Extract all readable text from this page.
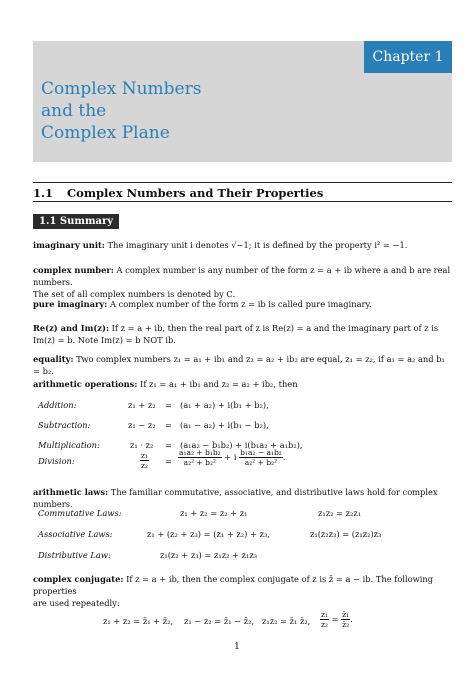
Chapter 1
Complex Numbers
and the
Complex Plane
1.1 Complex Numbers and Their Properties
1.1 Summary
imaginary unit: The imaginary unit i denotes √−1; it is defined by the property i² = −1.
complex number: A complex number is any number of the form z = a + ib where a and b are real numbers.
The set of all complex numbers is denoted by C.
pure imaginary: A complex number of the form z = ib is called pure imaginary.
Re(z) and Im(z): If z = a + ib, then the real part of z is Re(z) = a and the imaginary part of z is
Im(z) = b. Note Im(z) = b NOT ib.
equality: Two complex numbers z₁ = a₁ + ib₁ and z₂ = a₂ + ib₂ are equal, z₁ = z₂, if a₁ = a₂ and b₁ = b₂.
arithmetic operations: If z₁ = a₁ + ib₁ and z₂ = a₂ + ib₂, then
Addition:	z₁ + z₂ = (a₁ + a₂) + i(b₁ + b₂),
Subtraction:	z₁ − z₂ = (a₁ − a₂) + i(b₁ − b₂),
Multiplication:	z₁ · z₂ = (a₁a₂ − b₁b₂) + i(b₁a₂ + a₁b₂),
Division:	$\frac{\text{z₁}}{\text{z₂}} = \frac{\text{a₁a₂ + b₁b₂}}{\text{a₂² + b₂²}} + i \frac{\text{b₁a₂ − a₁b₂}}{\text{a₂² + b₂²}}$ .
arithmetic laws: The familiar commutative, associative, and distributive laws hold for complex numbers.
Commutative Laws:	z₁ + z₂ = z₂ + z₁	z₁z₂ = z₂z₁
Associative Laws:	z₁ + (z₂ + z₃) = (z₁ + z₂) + z₃,	z₁(z₂z₃) = (z₁z₂)z₃
Distributive Law:	z₁(z₂ + z₃) = z₁z₂ + z₁z₃
complex conjugate: If z = a + ib, then the complex conjugate of z is z̄ = a − ib. The following properties
are used repeatedly:
z₁ + z₂ = z̄₁ + z̄₂, z₁ − z₂ = z̄₁ − z̄₂, z₁z₂ = z̄₁ z̄₂, $\frac{\text{z₁}}{\text{z₂}} = \frac{\text{z̄₁}}{\text{z̄₂}}$ .
1
